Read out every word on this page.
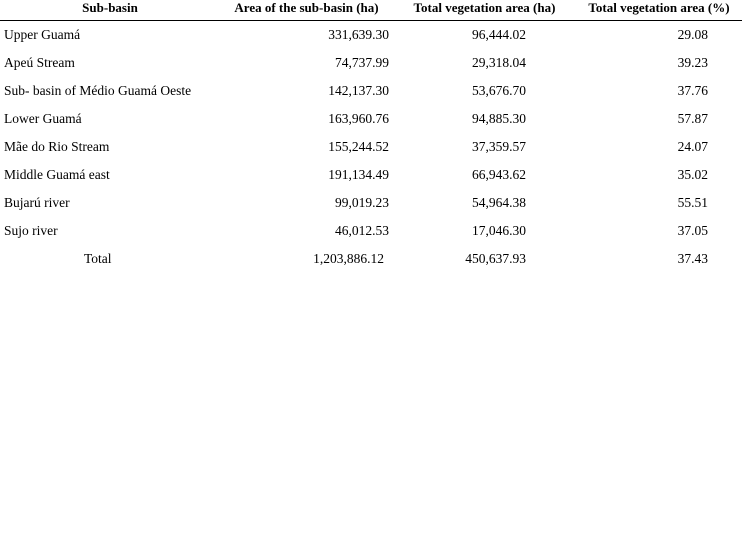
Sub-basin	Area of the sub-basin (ha)	Total vegetation area (ha)	Total vegetation area (%)
Upper Guamá	331,639.30	96,444.02	29.08
Apeú Stream	74,737.99	29,318.04	39.23
Sub- basin of Médio Guamá Oeste	142,137.30	53,676.70	37.76
Lower Guamá	163,960.76	94,885.30	57.87
Mãe do Rio Stream	155,244.52	37,359.57	24.07
Middle Guamá east	191,134.49	66,943.62	35.02
Bujarú river	99,019.23	54,964.38	55.51
Sujo river	46,012.53	17,046.30	37.05
Total	1,203,886.12	450,637.93	37.43
